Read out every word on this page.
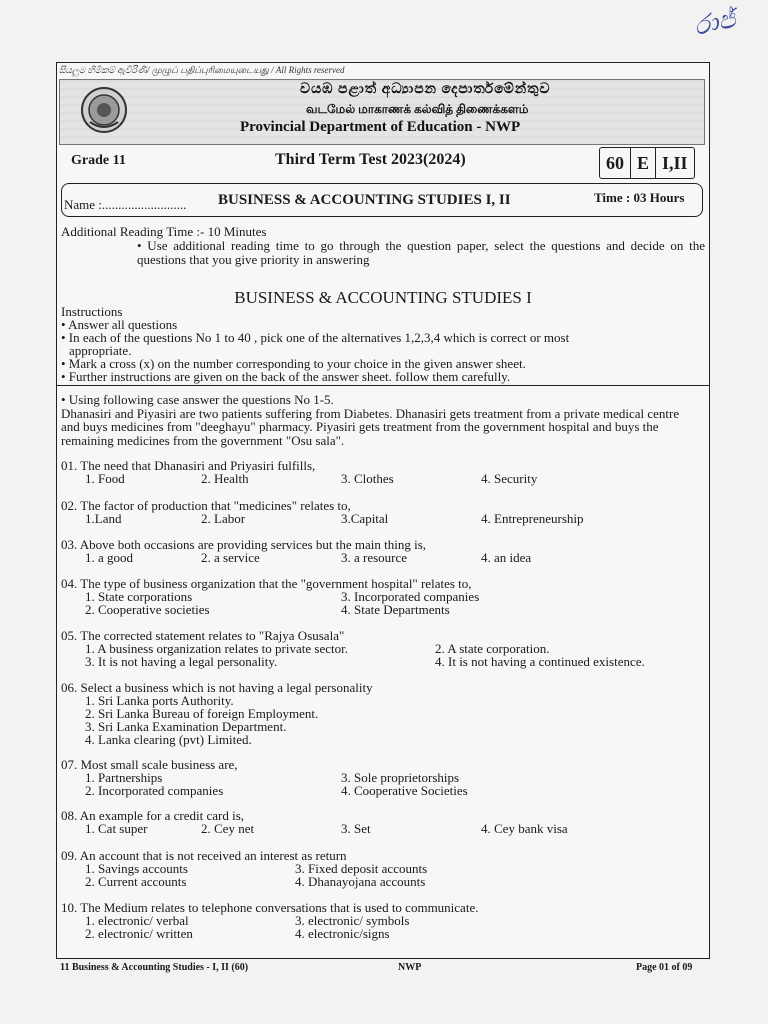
රාජ්
සියලුම හිමිකම් ඇවිරිණි/ முழுப் பதிப்புரிமையுடையது / All Rights reserved
වයඹ පළාත් අධ්‍යාපන දෙපාර්තමේන්තුව
வடமேல் மாகாணக் கல்வித் திணைக்களம்
Provincial Department of Education - NWP
Grade 11	Third Term Test 2023(2024)	60 E I,II
Name :.......................... BUSINESS & ACCOUNTING STUDIES I, II	Time : 03 Hours
Additional Reading Time :- 10 Minutes
• Use additional reading time to go through the question paper, select the questions and decide on the questions that you give priority in answering
BUSINESS & ACCOUNTING STUDIES I
Instructions
• Answer all questions
• In each of the questions No 1 to 40 , pick one of the alternatives 1,2,3,4 which is correct or most
appropriate.
• Mark a cross (x) on the number corresponding to your choice in the given answer sheet.
• Further instructions are given on the back of the answer sheet. follow them carefully.
• Using following case answer the questions No 1-5.
Dhanasiri and Piyasiri are two patients suffering from Diabetes. Dhanasiri gets treatment from a private medical centre and buys medicines from "deeghayu" pharmacy. Piyasiri gets treatment from the government hospital and buys the remaining medicines from the government "Osu sala".
01. The need that Dhanasiri and Priyasiri fulfills,
1. Food	2. Health	3. Clothes	4. Security
02. The factor of production that "medicines" relates to,
1.Land	2. Labor	3.Capital	4. Entrepreneurship
03. Above both occasions are providing services but the main thing is,
1. a good	2. a service	3. a resource	4. an idea
04. The type of business organization that the "government hospital" relates to,
1. State corporations	3. Incorporated companies
2. Cooperative societies	4. State Departments
05. The corrected statement relates to "Rajya Osusala"
1. A business organization relates to private sector.	2. A state corporation.
3. It is not having a legal personality.	4. It is not having a continued existence.
06. Select a business which is not having a legal personality
1. Sri Lanka ports Authority.
2. Sri Lanka Bureau of foreign Employment.
3. Sri Lanka Examination Department.
4. Lanka clearing (pvt) Limited.
07. Most small scale business are,
1. Partnerships	3. Sole proprietorships
2. Incorporated companies	4. Cooperative Societies
08. An example for a credit card is,
1. Cat super	2. Cey net	3. Set	4. Cey bank visa
09. An account that is not received an interest as return
1. Savings accounts	3. Fixed deposit accounts
2. Current accounts	4. Dhanayojana accounts
10. The Medium relates to telephone conversations that is used to communicate.
1. electronic/ verbal	3. electronic/ symbols
2. electronic/ written	4. electronic/signs
11 Business & Accounting Studies - I, II (60)	NWP	Page 01 of 09
